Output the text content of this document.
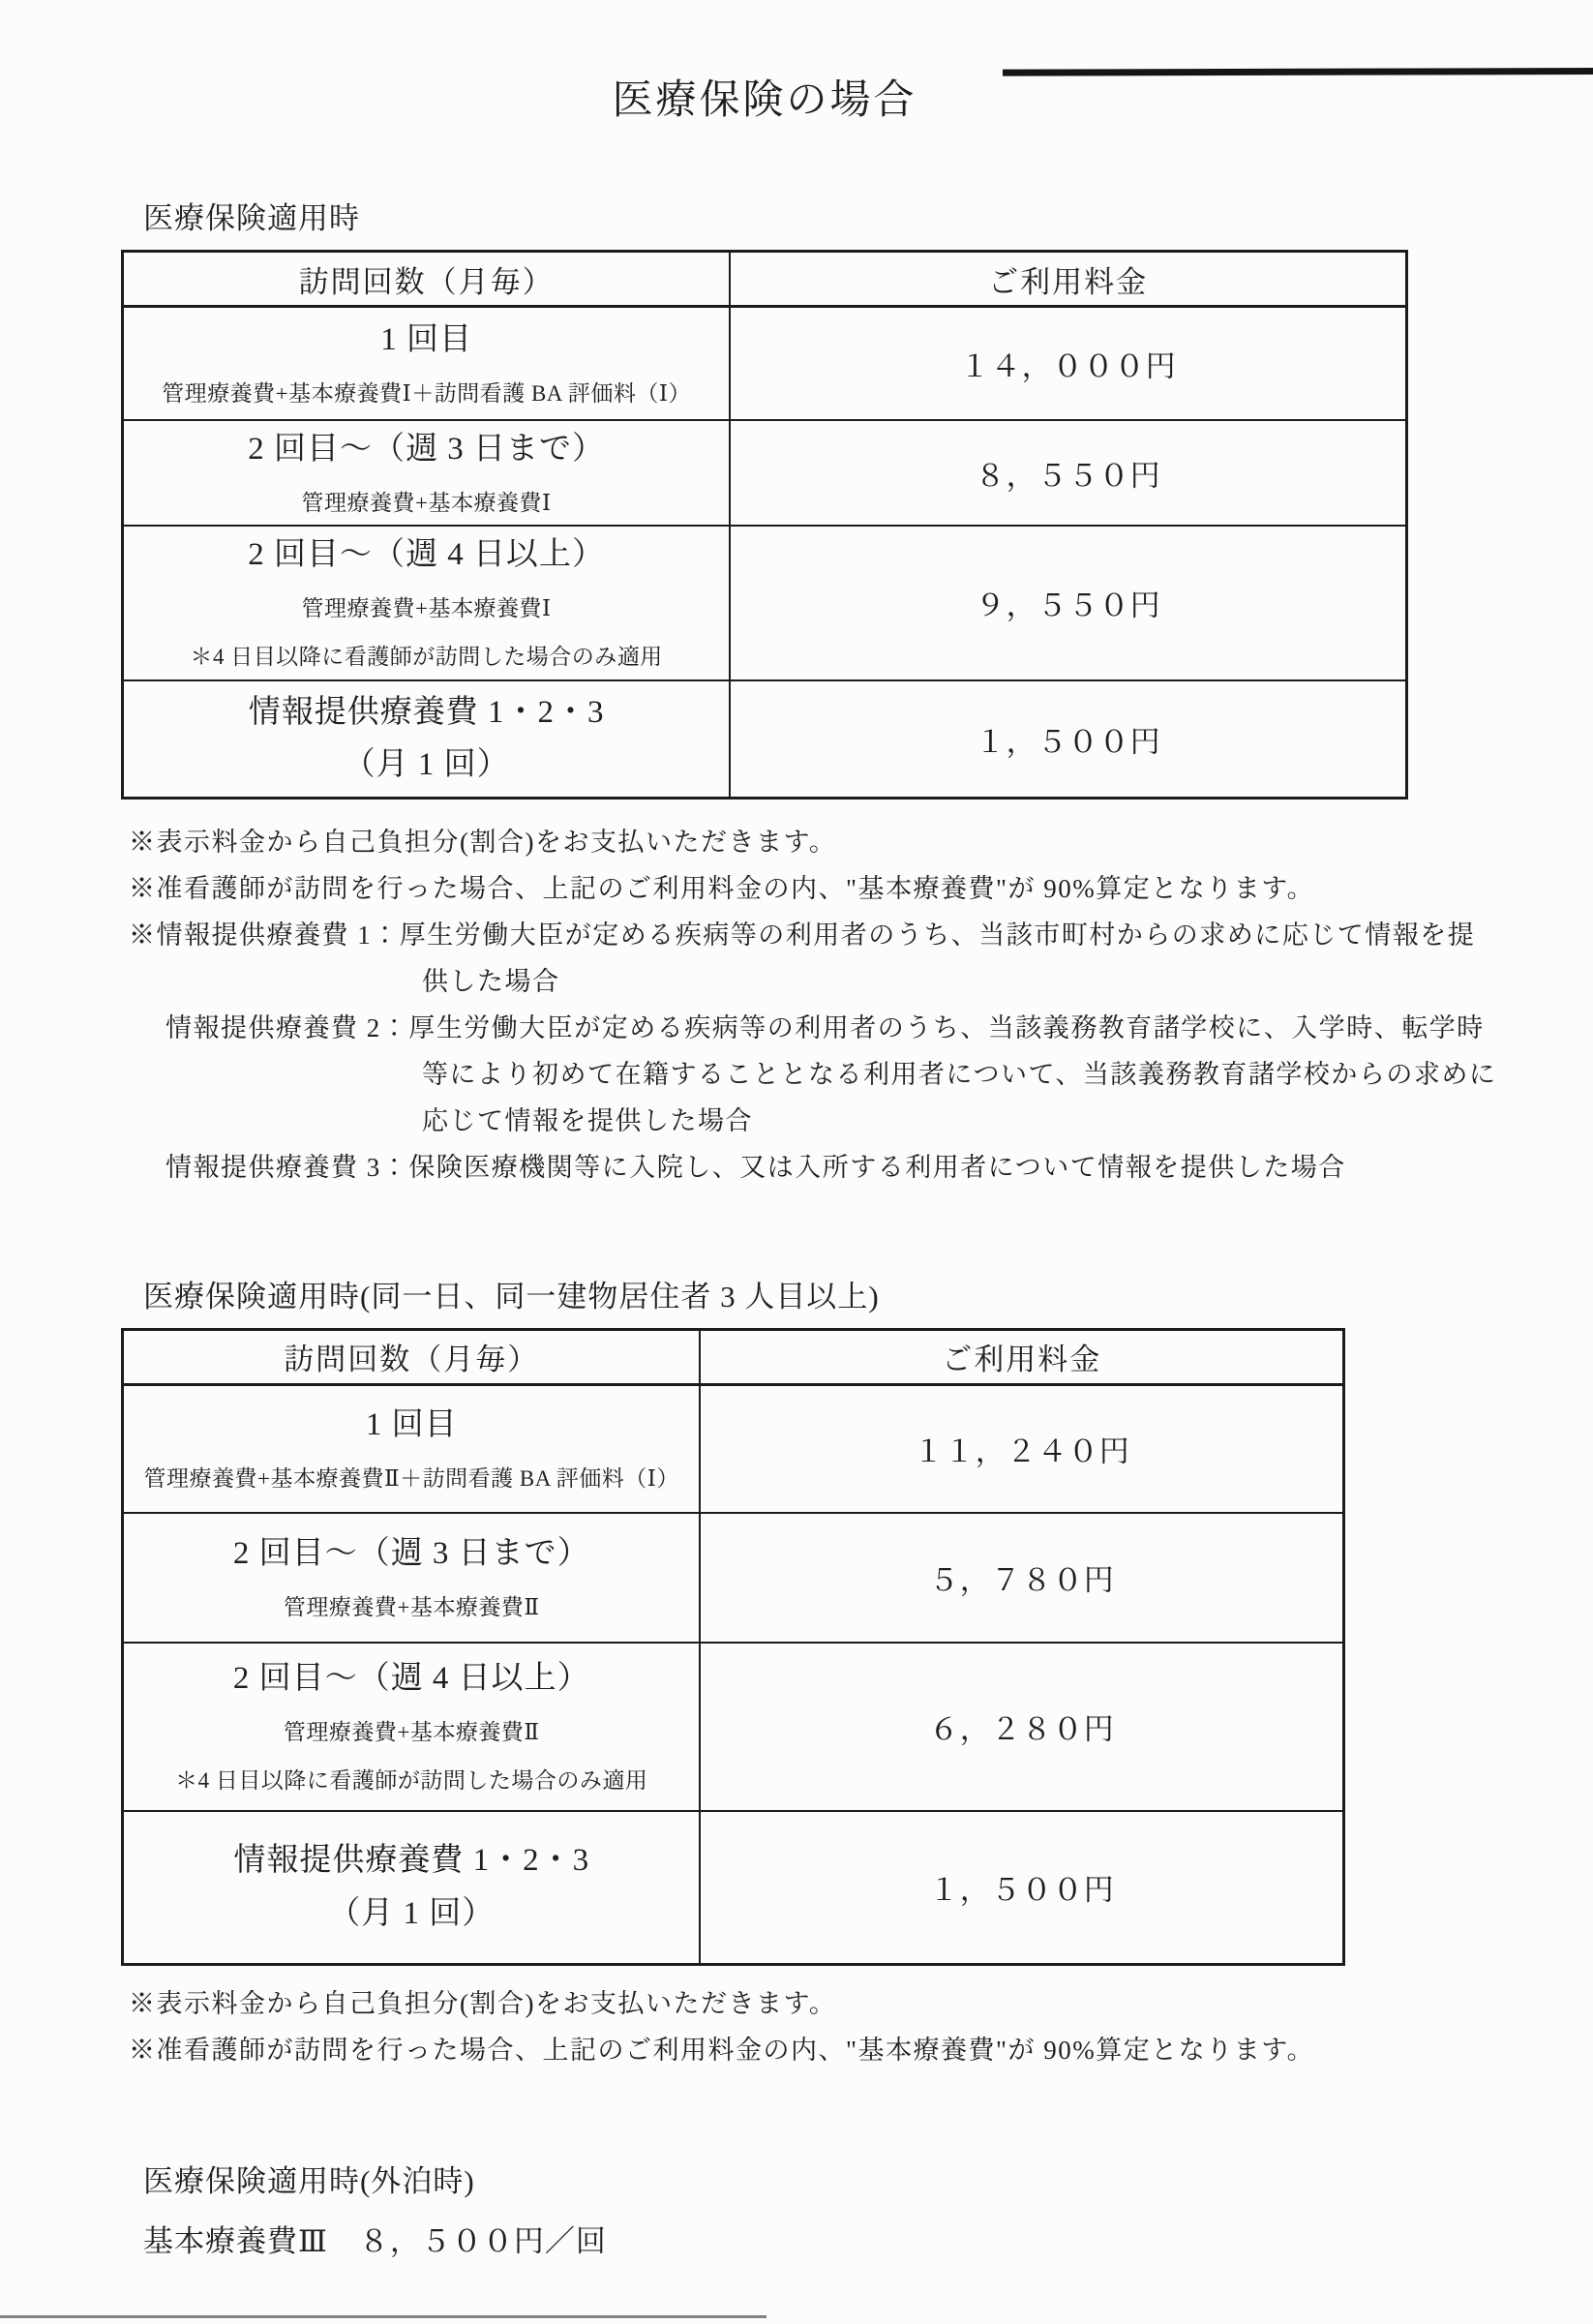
医療保険の場合
医療保険適用時
訪問回数（月毎）	ご利用料金

1 回目
管理療養費+基本療養費Ⅰ＋訪問看護 BA 評価料（Ⅰ）	１４，０００円

2 回目～（週 3 日まで）
管理療養費+基本療養費Ⅰ	８，５５０円

2 回目～（週 4 日以上）
管理療養費+基本療養費Ⅰ
＊4 日目以降に看護師が訪問した場合のみ適用	９，５５０円

情報提供療養費 1・2・3
（月 1 回）	１，５００円
※表示料金から自己負担分(割合)をお支払いただきます。
※准看護師が訪問を行った場合、上記のご利用料金の内、"基本療養費"が 90%算定となります。
※情報提供療養費 1：厚生労働大臣が定める疾病等の利用者のうち、当該市町村からの求めに応じて情報を提
供した場合
情報提供療養費 2：厚生労働大臣が定める疾病等の利用者のうち、当該義務教育諸学校に、入学時、転学時
等により初めて在籍することとなる利用者について、当該義務教育諸学校からの求めに
応じて情報を提供した場合
情報提供療養費 3：保険医療機関等に入院し、又は入所する利用者について情報を提供した場合
医療保険適用時(同一日、同一建物居住者 3 人目以上)
訪問回数（月毎）	ご利用料金

1 回目
管理療養費+基本療養費Ⅱ＋訪問看護 BA 評価料（Ⅰ）	１１，２４０円

2 回目～（週 3 日まで）
管理療養費+基本療養費Ⅱ	５，７８０円

2 回目～（週 4 日以上）
管理療養費+基本療養費Ⅱ
＊4 日目以降に看護師が訪問した場合のみ適用	６，２８０円

情報提供療養費 1・2・3
（月 1 回）	１，５００円
※表示料金から自己負担分(割合)をお支払いただきます。
※准看護師が訪問を行った場合、上記のご利用料金の内、"基本療養費"が 90%算定となります。
医療保険適用時(外泊時)
基本療養費Ⅲ　８，５００円／回
